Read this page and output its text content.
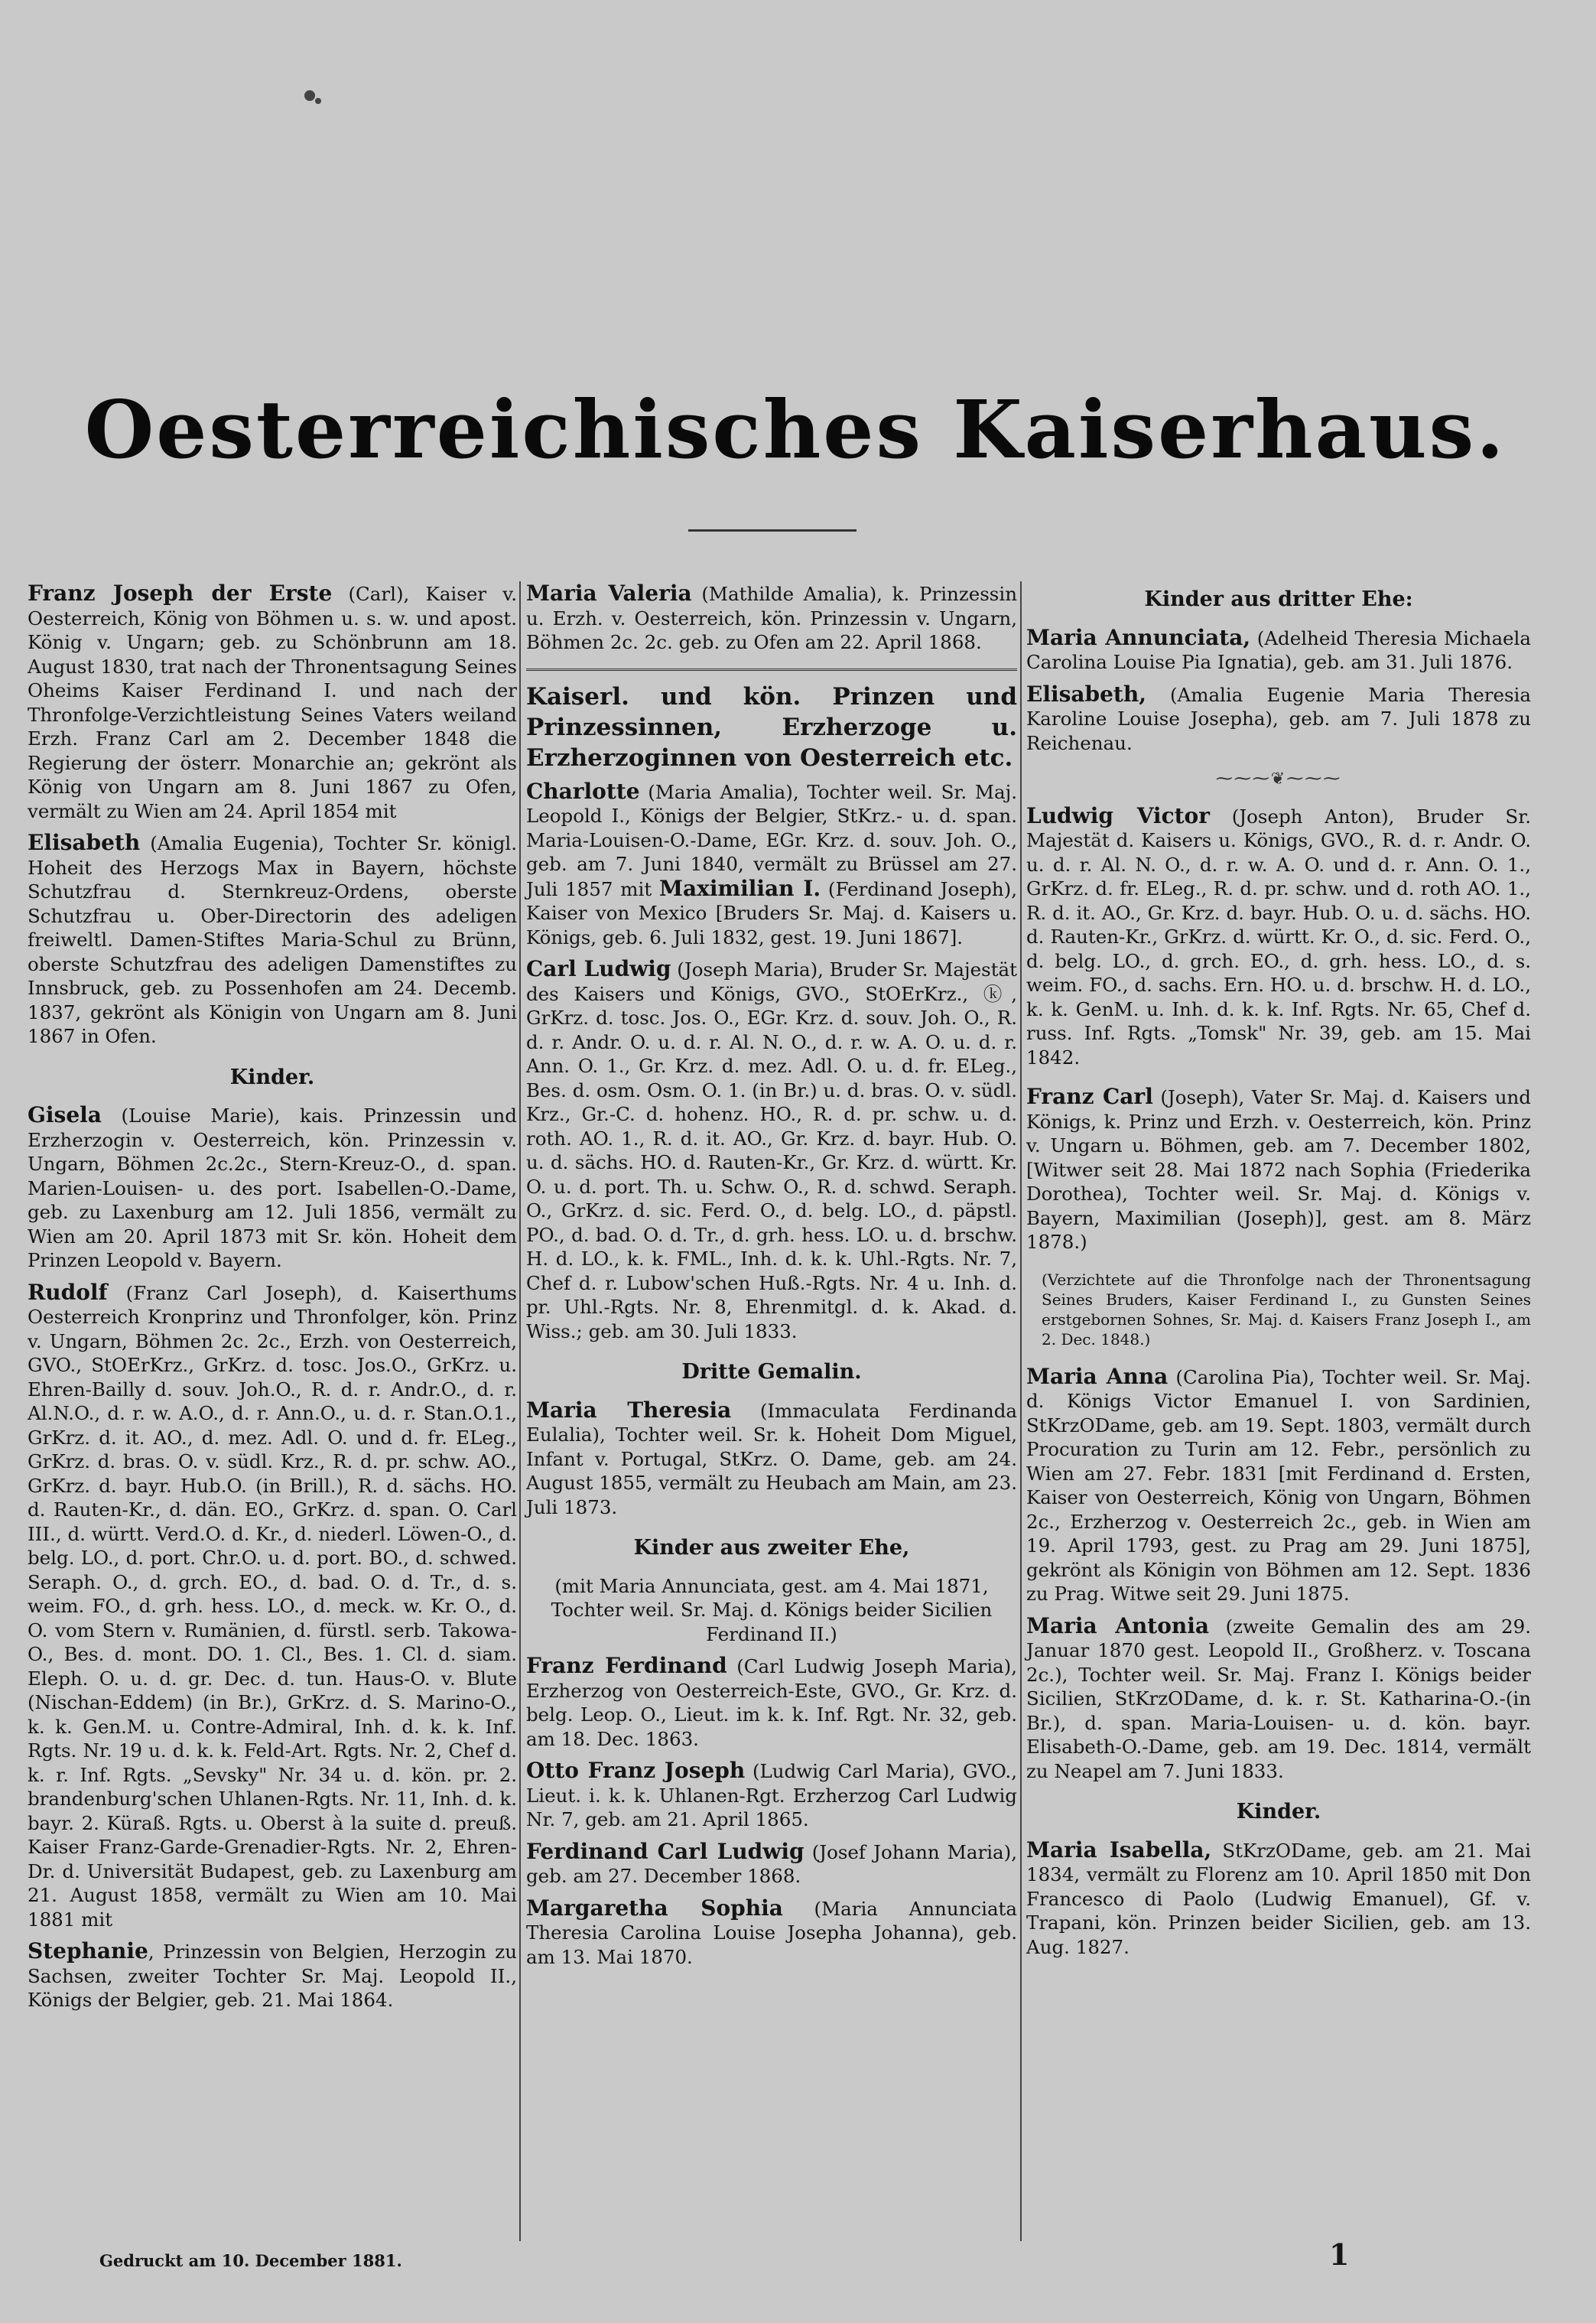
Oesterreichisches Kaiserhaus.

Franz Joseph der Erste (Carl), Kaiser v. Oesterreich, König von Böhmen u. s. w. und apost. König v. Ungarn; geb. zu Schönbrunn am 18. August 1830, trat nach der Thronentsagung Seines Oheims Kaiser Ferdinand I. und nach der Thronfolge-Verzichtleistung Seines Vaters weiland Erzh. Franz Carl am 2. December 1848 die Regierung der österr. Monarchie an; gekrönt als König von Ungarn am 8. Juni 1867 zu Ofen, vermält zu Wien am 24. April 1854 mit

Elisabeth (Amalia Eugenia), Tochter Sr. königl. Hoheit des Herzogs Max in Bayern, höchste Schutzfrau d. Sternkreuz-Ordens, oberste Schutzfrau u. Ober-Directorin des adeligen freiweltl. Damen-Stiftes Maria-Schul zu Brünn, oberste Schutzfrau des adeligen Damenstiftes zu Innsbruck, geb. zu Possenhofen am 24. Decemb. 1837, gekrönt als Königin von Ungarn am 8. Juni 1867 in Ofen.

Kinder.

Gisela (Louise Marie), kais. Prinzessin und Erzherzogin v. Oesterreich, kön. Prinzessin v. Ungarn, Böhmen 2c.2c., Stern-Kreuz-O., d. span. Marien-Louisen- u. des port. Isabellen-O.-Dame, geb. zu Laxenburg am 12. Juli 1856, vermält zu Wien am 20. April 1873 mit Sr. kön. Hoheit dem Prinzen Leopold v. Bayern.

Rudolf (Franz Carl Joseph), d. Kaiserthums Oesterreich Kronprinz und Thronfolger, kön. Prinz v. Ungarn, Böhmen 2c. 2c., Erzh. von Oesterreich, GVO., StOErKrz., GrKrz. d. tosc. Jos.O., GrKrz. u. Ehren-Bailly d. souv. Joh.O., R. d. r. Andr.O., d. r. Al.N.O., d. r. w. A.O., d. r. Ann.O., u. d. r. Stan.O.1., GrKrz. d. it. AO., d. mez. Adl. O. und d. fr. ELeg., GrKrz. d. bras. O. v. südl. Krz., R. d. pr. schw. AO., GrKrz. d. bayr. Hub.O. (in Brill.), R. d. sächs. HO. d. Rauten-Kr., d. dän. EO., GrKrz. d. span. O. Carl III., d. württ. Verd.O. d. Kr., d. niederl. Löwen-O., d. belg. LO., d. port. Chr.O. u. d. port. BO., d. schwed. Seraph. O., d. grch. EO., d. bad. O. d. Tr., d. s. weim. FO., d. grh. hess. LO., d. meck. w. Kr. O., d. O. vom Stern v. Rumänien, d. fürstl. serb. Takowa-O., Bes. d. mont. DO. 1. Cl., Bes. 1. Cl. d. siam. Eleph. O. u. d. gr. Dec. d. tun. Haus-O. v. Blute (Nischan-Eddem) (in Br.), GrKrz. d. S. Marino-O., k. k. Gen.M. u. Contre-Admiral, Inh. d. k. k. Inf. Rgts. Nr. 19 u. d. k. k. Feld-Art. Rgts. Nr. 2, Chef d. k. r. Inf. Rgts. „Sevsky" Nr. 34 u. d. kön. pr. 2. brandenburg'schen Uhlanen-Rgts. Nr. 11, Inh. d. k. bayr. 2. Küraß. Rgts. u. Oberst à la suite d. preuß. Kaiser Franz-Garde-Grenadier-Rgts. Nr. 2, Ehren-Dr. d. Universität Budapest, geb. zu Laxenburg am 21. August 1858, vermält zu Wien am 10. Mai 1881 mit

Stephanie, Prinzessin von Belgien, Herzogin zu Sachsen, zweiter Tochter Sr. Maj. Leopold II., Königs der Belgier, geb. 21. Mai 1864.

Maria Valeria (Mathilde Amalia), k. Prinzessin u. Erzh. v. Oesterreich, kön. Prinzessin v. Ungarn, Böhmen 2c. 2c. geb. zu Ofen am 22. April 1868.

Kaiserl. und kön. Prinzen und Prinzessinnen, Erzherzoge u. Erzherzoginnen von Oesterreich etc.

Charlotte (Maria Amalia), Tochter weil. Sr. Maj. Leopold I., Königs der Belgier, StKrz.- u. d. span. Maria-Louisen-O.-Dame, EGr. Krz. d. souv. Joh. O., geb. am 7. Juni 1840, vermält zu Brüssel am 27. Juli 1857 mit Maximilian I. (Ferdinand Joseph), Kaiser von Mexico [Bruders Sr. Maj. d. Kaisers u. Königs, geb. 6. Juli 1832, gest. 19. Juni 1867].

Carl Ludwig (Joseph Maria), Bruder Sr. Majestät des Kaisers und Königs, GVO., StOErKrz., ⓚ, GrKrz. d. tosc. Jos. O., EGr. Krz. d. souv. Joh. O., R. d. r. Andr. O. u. d. r. Al. N. O., d. r. w. A. O. u. d. r. Ann. O. 1., Gr. Krz. d. mez. Adl. O. u. d. fr. ELeg., Bes. d. osm. Osm. O. 1. (in Br.) u. d. bras. O. v. südl. Krz., Gr.-C. d. hohenz. HO., R. d. pr. schw. u. d. roth. AO. 1., R. d. it. AO., Gr. Krz. d. bayr. Hub. O. u. d. sächs. HO. d. Rauten-Kr., Gr. Krz. d. württ. Kr. O. u. d. port. Th. u. Schw. O., R. d. schwd. Seraph. O., GrKrz. d. sic. Ferd. O., d. belg. LO., d. päpstl. PO., d. bad. O. d. Tr., d. grh. hess. LO. u. d. brschw. H. d. LO., k. k. FML., Inh. d. k. k. Uhl.-Rgts. Nr. 7, Chef d. r. Lubow'schen Huß.-Rgts. Nr. 4 u. Inh. d. pr. Uhl.-Rgts. Nr. 8, Ehrenmitgl. d. k. Akad. d. Wiss.; geb. am 30. Juli 1833.

Dritte Gemalin.

Maria Theresia (Immaculata Ferdinanda Eulalia), Tochter weil. Sr. k. Hoheit Dom Miguel, Infant v. Portugal, StKrz. O. Dame, geb. am 24. August 1855, vermält zu Heubach am Main, am 23. Juli 1873.

Kinder aus zweiter Ehe,

(mit Maria Annunciata, gest. am 4. Mai 1871, Tochter weil. Sr. Maj. d. Königs beider Sicilien Ferdinand II.)

Franz Ferdinand (Carl Ludwig Joseph Maria), Erzherzog von Oesterreich-Este, GVO., Gr. Krz. d. belg. Leop. O., Lieut. im k. k. Inf. Rgt. Nr. 32, geb. am 18. Dec. 1863.

Otto Franz Joseph (Ludwig Carl Maria), GVO., Lieut. i. k. k. Uhlanen-Rgt. Erzherzog Carl Ludwig Nr. 7, geb. am 21. April 1865.

Ferdinand Carl Ludwig (Josef Johann Maria), geb. am 27. December 1868.

Margaretha Sophia (Maria Annunciata Theresia Carolina Louise Josepha Johanna), geb. am 13. Mai 1870.

Kinder aus dritter Ehe:

Maria Annunciata, (Adelheid Theresia Michaela Carolina Louise Pia Ignatia), geb. am 31. Juli 1876.

Elisabeth, (Amalia Eugenie Maria Theresia Karoline Louise Josepha), geb. am 7. Juli 1878 zu Reichenau.

⁓⁓⁓❦⁓⁓⁓

Ludwig Victor (Joseph Anton), Bruder Sr. Majestät d. Kaisers u. Königs, GVO., R. d. r. Andr. O. u. d. r. Al. N. O., d. r. w. A. O. und d. r. Ann. O. 1., GrKrz. d. fr. ELeg., R. d. pr. schw. und d. roth AO. 1., R. d. it. AO., Gr. Krz. d. bayr. Hub. O. u. d. sächs. HO. d. Rauten-Kr., GrKrz. d. württ. Kr. O., d. sic. Ferd. O., d. belg. LO., d. grch. EO., d. grh. hess. LO., d. s. weim. FO., d. sachs. Ern. HO. u. d. brschw. H. d. LO., k. k. GenM. u. Inh. d. k. k. Inf. Rgts. Nr. 65, Chef d. russ. Inf. Rgts. „Tomsk" Nr. 39, geb. am 15. Mai 1842.

Franz Carl (Joseph), Vater Sr. Maj. d. Kaisers und Königs, k. Prinz und Erzh. v. Oesterreich, kön. Prinz v. Ungarn u. Böhmen, geb. am 7. December 1802, [Witwer seit 28. Mai 1872 nach Sophia (Friederika Dorothea), Tochter weil. Sr. Maj. d. Königs v. Bayern, Maximilian (Joseph)], gest. am 8. März 1878.)

(Verzichtete auf die Thronfolge nach der Thronentsagung Seines Bruders, Kaiser Ferdinand I., zu Gunsten Seines erstgebornen Sohnes, Sr. Maj. d. Kaisers Franz Joseph I., am 2. Dec. 1848.)

Maria Anna (Carolina Pia), Tochter weil. Sr. Maj. d. Königs Victor Emanuel I. von Sardinien, StKrzODame, geb. am 19. Sept. 1803, vermält durch Procuration zu Turin am 12. Febr., persönlich zu Wien am 27. Febr. 1831 [mit Ferdinand d. Ersten, Kaiser von Oesterreich, König von Ungarn, Böhmen 2c., Erzherzog v. Oesterreich 2c., geb. in Wien am 19. April 1793, gest. zu Prag am 29. Juni 1875], gekrönt als Königin von Böhmen am 12. Sept. 1836 zu Prag. Witwe seit 29. Juni 1875.

Maria Antonia (zweite Gemalin des am 29. Januar 1870 gest. Leopold II., Großherz. v. Toscana 2c.), Tochter weil. Sr. Maj. Franz I. Königs beider Sicilien, StKrzODame, d. k. r. St. Katharina-O.-(in Br.), d. span. Maria-Louisen- u. d. kön. bayr. Elisabeth-O.-Dame, geb. am 19. Dec. 1814, vermält zu Neapel am 7. Juni 1833.

Kinder.

Maria Isabella, StKrzODame, geb. am 21. Mai 1834, vermält zu Florenz am 10. April 1850 mit Don Francesco di Paolo (Ludwig Emanuel), Gf. v. Trapani, kön. Prinzen beider Sicilien, geb. am 13. Aug. 1827.

Gedruckt am 10. December 1881.	1
